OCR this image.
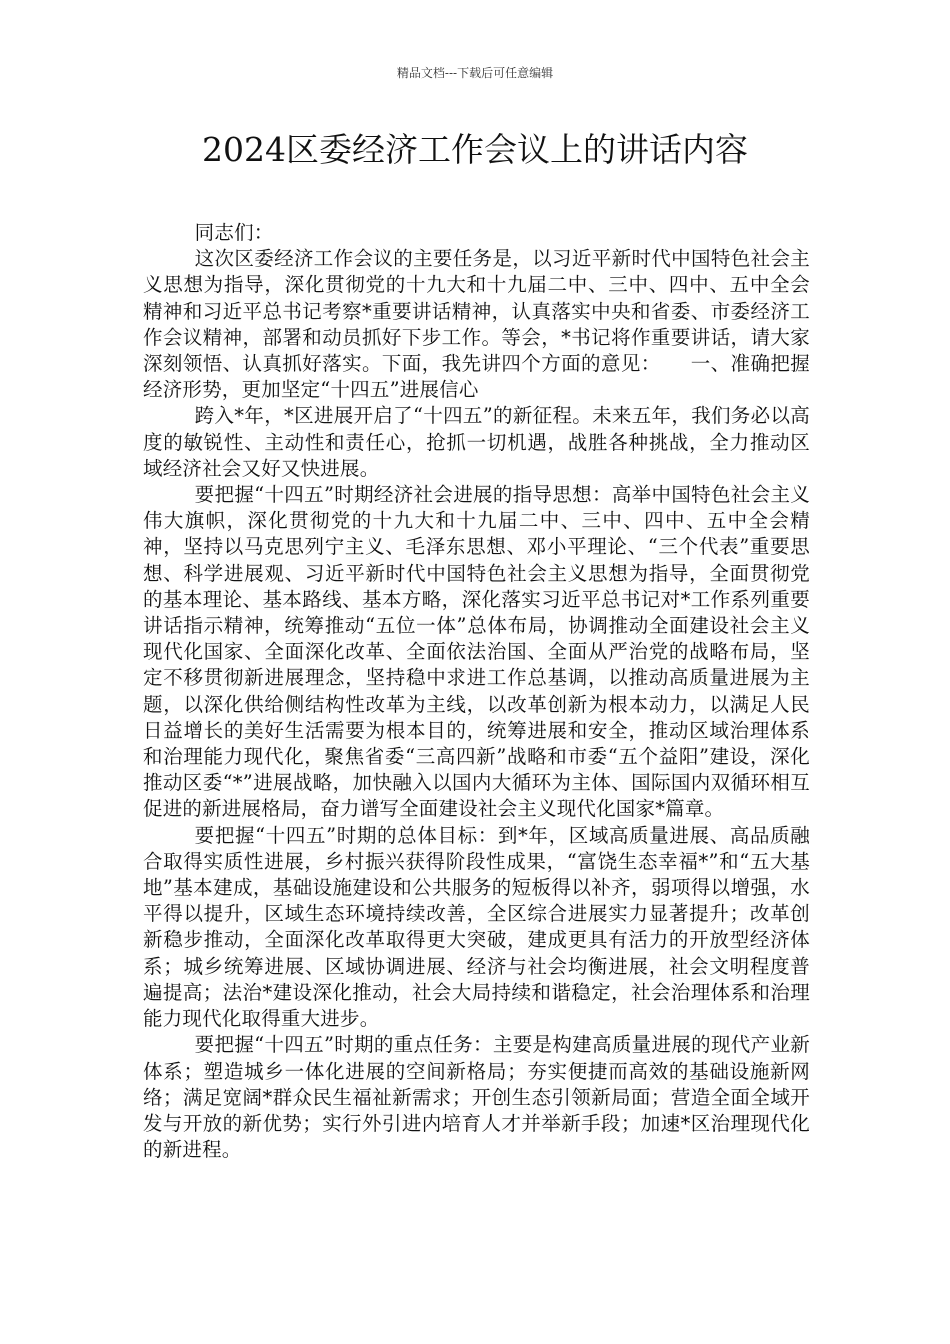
精品文档---下载后可任意编辑
2024区委经济工作会议上的讲话内容

同志们：

这次区委经济工作会议的主要任务是，以习近平新时代中国特色社会主义思想为指导，深化贯彻党的十九大和十九届二中、三中、四中、五中全会精神和习近平总书记考察*重要讲话精神，认真落实中央和省委、市委经济工作会议精神，部署和动员抓好下步工作。等会，*书记将作重要讲话，请大家深刻领悟、认真抓好落实。下面，我先讲四个方面的意见：　　一、准确把握经济形势，更加坚定“十四五”进展信心

跨入*年，*区进展开启了“十四五”的新征程。未来五年，我们务必以高度的敏锐性、主动性和责任心，抢抓一切机遇，战胜各种挑战，全力推动区域经济社会又好又快进展。

要把握“十四五”时期经济社会进展的指导思想：高举中国特色社会主义伟大旗帜，深化贯彻党的十九大和十九届二中、三中、四中、五中全会精神，坚持以马克思列宁主义、毛泽东思想、邓小平理论、“三个代表”重要思想、科学进展观、习近平新时代中国特色社会主义思想为指导，全面贯彻党的基本理论、基本路线、基本方略，深化落实习近平总书记对*工作系列重要讲话指示精神，统筹推动“五位一体”总体布局，协调推动全面建设社会主义现代化国家、全面深化改革、全面依法治国、全面从严治党的战略布局，坚定不移贯彻新进展理念，坚持稳中求进工作总基调，以推动高质量进展为主题，以深化供给侧结构性改革为主线，以改革创新为根本动力，以满足人民日益增长的美好生活需要为根本目的，统筹进展和安全，推动区域治理体系和治理能力现代化，聚焦省委“三高四新”战略和市委“五个益阳”建设，深化推动区委“*”进展战略，加快融入以国内大循环为主体、国际国内双循环相互促进的新进展格局，奋力谱写全面建设社会主义现代化国家*篇章。

要把握“十四五”时期的总体目标：到*年，区域高质量进展、高品质融合取得实质性进展，乡村振兴获得阶段性成果，“富饶生态幸福*”和“五大基地”基本建成，基础设施建设和公共服务的短板得以补齐，弱项得以增强，水平得以提升，区域生态环境持续改善，全区综合进展实力显著提升；改革创新稳步推动，全面深化改革取得更大突破，建成更具有活力的开放型经济体系；城乡统筹进展、区域协调进展、经济与社会均衡进展，社会文明程度普遍提高；法治*建设深化推动，社会大局持续和谐稳定，社会治理体系和治理能力现代化取得重大进步。

要把握“十四五”时期的重点任务：主要是构建高质量进展的现代产业新体系；塑造城乡一体化进展的空间新格局；夯实便捷而高效的基础设施新网络；满足宽阔*群众民生福祉新需求；开创生态引领新局面；营造全面全域开发与开放的新优势；实行外引进内培育人才并举新手段；加速*区治理现代化的新进程。
